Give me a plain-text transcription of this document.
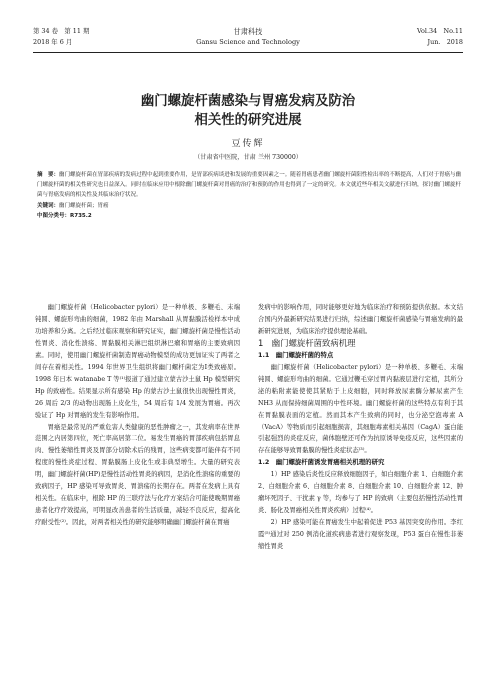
第 34 卷　第 11 期
2018 年 6 月
甘肃科技
Gansu Science and Technology
Vol.34　No.11
Jun.　2018
幽门螺旋杆菌感染与胃癌发病及防治
相关性的研究进展
豆传辉
（甘肃省中医院，甘肃 兰州 730000）

摘　要：幽门螺旋杆菌在胃部疾病的发病过程中起到重要作用，是胃部疾病谈进和发展的重要因素之一。随着胃癌患者幽门螺旋杆菌阳性检出率的不断提高，人们对于胃癌与幽门螺旋杆菌的相关性研究也日益深入。同时在临床应用中根除幽门螺旋杆菌对胃癌的治疗和预防的作用也得到了一定的研究。本文就近些年相关文献进行归纳，探讨幽门螺旋杆菌与胃癌发病的相关性及其临床治疗状况。

关键词：幽门螺旋杆菌；胃癌

中图分类号：R735.2

幽门螺旋杆菌（Helicobacter pylori）是一种单极、多鞭毛、末端钝圆、螺旋形弯曲的细菌，1982 年由 Marshall 从胃黏膜活检样本中成功培养和分离。之后经过临床观察和研究证实，幽门螺旋杆菌是慢性活动性胃炎、消化性溃疡、胃黏膜相关淋巴组织淋巴瘤和胃癌的主要致病因素。同时，使用幽门螺旋杆菌制造胃癌动物模型的成功更加证实了两者之间存在着相关性。1994 年世界卫生组织将幽门螺杆菌定为Ⅰ类致癌原。1998 年日本 watanabe T 等⁽¹⁾报道了通过建立蒙古沙土鼠 Hp 模型研究 Hp 的致癌性。结果显示所有感染 Hp 的蒙古沙土鼠很快出现慢性胃炎，26 周后 2/3 的动物出现肠上皮化生，54 周后有 1/4 发展为胃癌。再次验证了 Hp 对胃癌的发生有影响作用。

胃癌是最常见的严重危害人类健康的恶性肿瘤之一，其发病率在世界范围之内居第四位，死亡率高居第二位。易发生胃癌的胃部疾病包括胃息肉、慢性萎缩性胃炎及胃部分切除术后的残胃，这些病变都可能伴有不同程度的慢性炎症过程、胃黏膜肠上皮化生或非典型增生。大量的研究表明，幽门螺旋杆菌(HP)是慢性活动性胃炎的病因，是消化性溃疡的重要的致病因子，HP 感染可导致胃炎、胃溃疡的长期存在。两者在发病上具有相关性。在临床中，根除 HP 的三联疗法与化疗方案结合可能使晚期胃癌患者化疗疗效提高，可明显改善患者的生活质量，减轻不良反应，提高化疗耐受性⁽²⁾。因此，对两者相关性的研究能够明确幽门螺旋杆菌在胃癌

发病中的影响作用，同时能够更好地为临床治疗和预防提供依据。本文结合国内外最新研究结果进行归纳，综述幽门螺旋杆菌感染与胃癌发病的最新研究进展，为临床治疗提供理论基础。

1　幽门螺旋杆菌致病机理

1.1　幽门螺旋杆菌的特点

幽门螺旋杆菌（Helicobacter pylori）是一种单极、多鞭毛、末端钝圆、螺旋形弯曲的细菌。它通过鞭毛穿过胃内黏液层进行定植，其所分泌的粘附素能使使其紧贴于上皮细胞，同时释放尿素酶分解尿素产生 NH3 从而保持细菌周围的中性环境。幽门螺旋杆菌的这些特点有利于其在胃黏膜表面的定植。然而其本产生致病的同时，也分泌空泡毒素 A（VacA）等物质而引起细胞损害，其细胞毒素相关基因（CagA）蛋白能引起强烈的炎症反应，菌体胞壁还可作为抗原诱导免疫反应，这些因素的存在能够导致胃黏膜的慢性炎症状态⁽³⁾。

1.2　幽门螺旋杆菌诱发胃癌相关机理的研究

1）HP 感染后炎性反应释放细胞因子，如白细胞介素 1、白细胞介素 2、白细胞介素 6、白细胞介素 8、白细胞介素 10、白细胞介素 12、肿瘤坏死因子、干扰素 γ 等，均参与了 HP 的致病（主要包括慢性活动性胃炎、肠化及胃癌相关性胃炎疾病）过程⁽⁴⁾。

2）HP 感染可能在胃癌发生中起着促进 P53 基因突变的作用。李红霞⁽⁵⁾通过对 250 例消化道疾病患者进行观察发现，P53 蛋白在慢性非萎缩性胃炎
